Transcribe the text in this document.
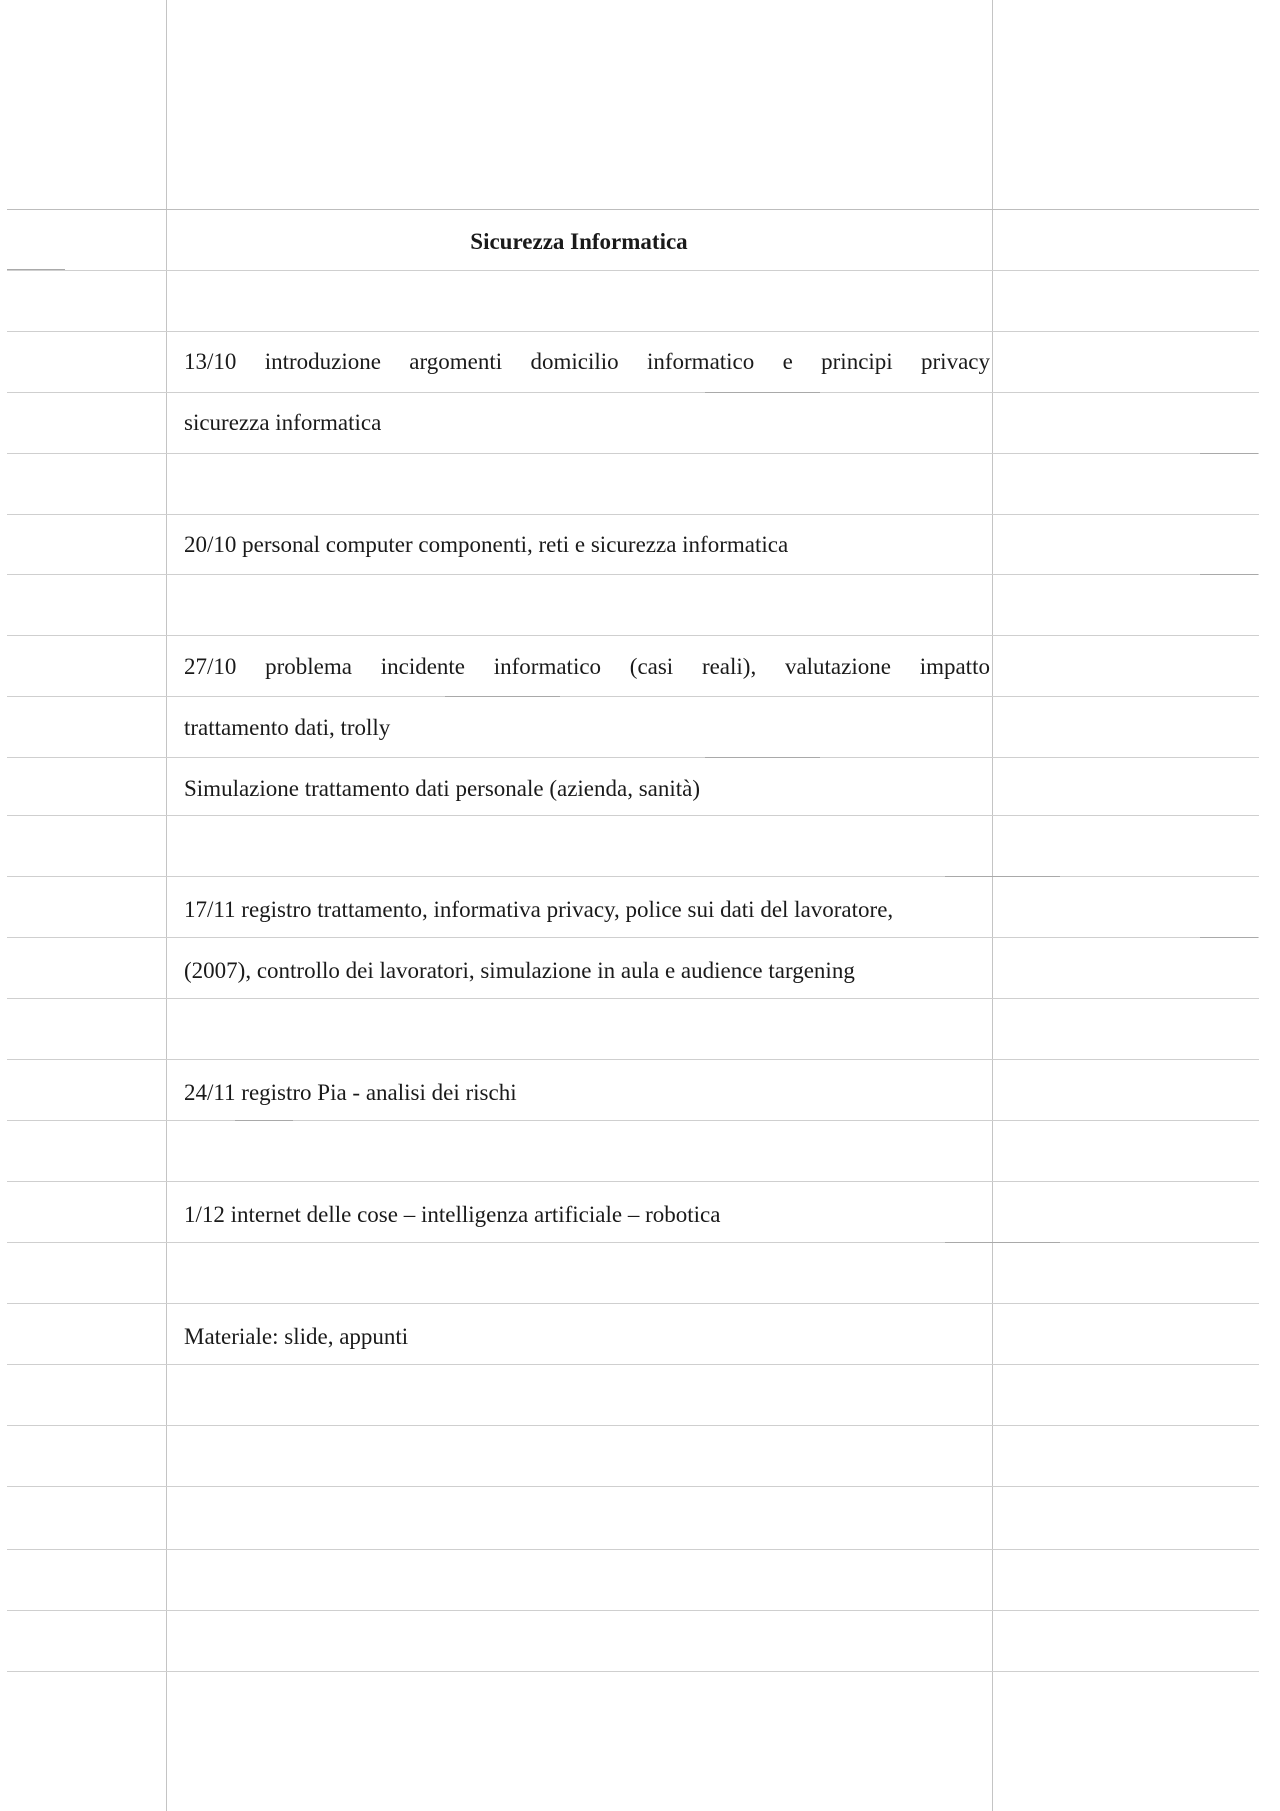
Sicurezza Informatica
13/10 introduzione argomenti domicilio informatico e principi privacy

sicurezza informatica

20/10 personal computer componenti, reti e sicurezza informatica

27/10 problema incidente informatico (casi reali), valutazione impatto

trattamento dati, trolly

Simulazione trattamento dati personale (azienda, sanità)

17/11 registro trattamento, informativa privacy, police sui dati del lavoratore,

(2007), controllo dei lavoratori, simulazione in aula e audience targening

24/11 registro Pia - analisi dei rischi

1/12 internet delle cose – intelligenza artificiale – robotica

Materiale: slide, appunti
